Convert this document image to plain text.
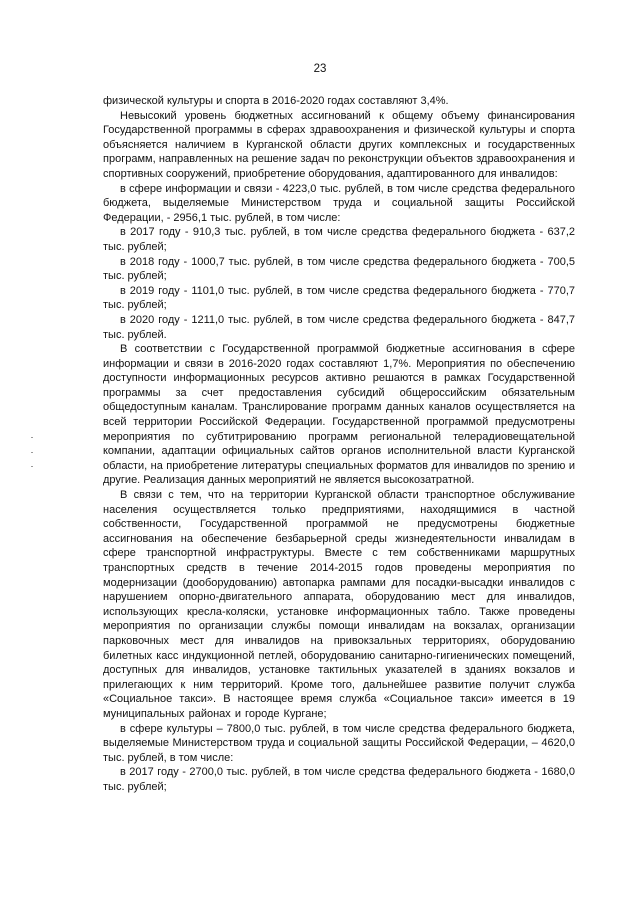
23

физической культуры и спорта в 2016-2020 годах составляют 3,4%.

Невысокий уровень бюджетных ассигнований к общему объему финансирования Государственной программы в сферах здравоохранения и физической культуры и спорта объясняется наличием в Курганской области других комплексных и государственных программ, направленных на решение задач по реконструкции объектов здравоохранения и спортивных сооружений, приобретение оборудования, адаптированного для инвалидов:

в сфере информации и связи - 4223,0 тыс. рублей, в том числе средства федерального бюджета, выделяемые Министерством труда и социальной защиты Российской Федерации, - 2956,1 тыс. рублей, в том числе:

в 2017 году - 910,3 тыс. рублей, в том числе средства федерального бюджета - 637,2 тыс. рублей;

в 2018 году - 1000,7 тыс. рублей, в том числе средства федерального бюджета - 700,5 тыс. рублей;

в 2019 году - 1101,0 тыс. рублей, в том числе средства федерального бюджета - 770,7 тыс. рублей;

в 2020 году - 1211,0 тыс. рублей, в том числе средства федерального бюджета - 847,7 тыс. рублей.

В соответствии с Государственной программой бюджетные ассигнования в сфере информации и связи в 2016-2020 годах составляют 1,7%. Мероприятия по обеспечению доступности информационных ресурсов активно решаются в рамках Государственной программы за счет предоставления субсидий общероссийским обязательным общедоступным каналам. Транслирование программ данных каналов осуществляется на всей территории Российской Федерации. Государственной программой предусмотрены мероприятия по субтитрированию программ региональной телерадиовещательной компании, адаптации официальных сайтов органов исполнительной власти Курганской области, на приобретение литературы специальных форматов для инвалидов по зрению и другие. Реализация данных мероприятий не является высокозатратной.

В связи с тем, что на территории Курганской области транспортное обслуживание населения осуществляется только предприятиями, находящимися в частной собственности, Государственной программой не предусмотрены бюджетные ассигнования на обеспечение безбарьерной среды жизнедеятельности инвалидам в сфере транспортной инфраструктуры. Вместе с тем собственниками маршрутных транспортных средств в течение 2014-2015 годов проведены мероприятия по модернизации (дооборудованию) автопарка рампами для посадки-высадки инвалидов с нарушением опорно-двигательного аппарата, оборудованию мест для инвалидов, использующих кресла-коляски, установке информационных табло. Также проведены мероприятия по организации службы помощи инвалидам на вокзалах, организации парковочных мест для инвалидов на привокзальных территориях, оборудованию билетных касс индукционной петлей, оборудованию санитарно-гигиенических помещений, доступных для инвалидов, установке тактильных указателей в зданиях вокзалов и прилегающих к ним территорий. Кроме того, дальнейшее развитие получит служба «Социальное такси». В настоящее время служба «Социальное такси» имеется в 19 муниципальных районах и городе Кургане;

в сфере культуры – 7800,0 тыс. рублей, в том числе средства федерального бюджета, выделяемые Министерством труда и социальной защиты Российской Федерации, – 4620,0 тыс. рублей, в том числе:

в 2017 году - 2700,0 тыс. рублей, в том числе средства федерального бюджета - 1680,0 тыс. рублей;
